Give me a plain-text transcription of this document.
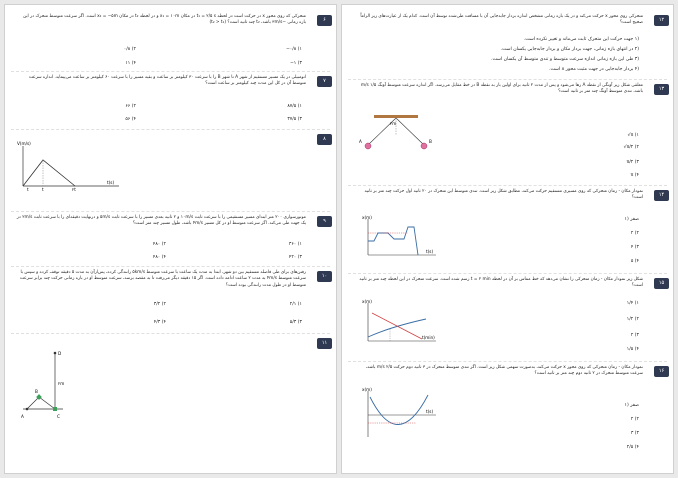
۶
متحرکی که روی محور x در حرکت است در لحظه t₁ = ۲/۵ s در مکان x₁ = ۱۰m و در لحظه t₂ در مکان x₂ = −۵m است. اگر سرعت متوسط متحرک در این بازه زمانی −۳m/s باشد، t₂ چند ثانیه است؟ (t₂ > t₁)
−۰/۸ (۱
۰/۸ (۲
−۱ (۳
۱۱ (۴
۷
اتومبیلی در یک مسیر مستقیم از شهر A تا شهر B را با سرعت ۳۰ کیلومتر بر ساعت و بقیه مسیر را با سرعت ۶۰ کیلومتر بر ساعت می‌پیماید. اندازه سرعت متوسط آن در کل این مدت چند کیلومتر بر ساعت است؟
۸۷/۵ (۱
۶۶ (۲
۳۷/۵ (۳
۵۶ (۴
۸
V(m/s)
t(s)
t	t	۲t
۹
موتورسواری ۲۰۰ متر ابتدای مسیر مستقیمی را با سرعت ثابت ۱۰m/s و ۲ ثانیه بعدی مسیر را با سرعت ثابت ۵m/s و درنهایت دقیقه‌ای را با سرعت ثابت ۲m/s در یک جهت طی می‌کند. اگر سرعت متوسط او در کل مسیر ۴m/s باشد، طول مسیر چند متر است؟
۳۶۰ (۱
۴۸۰ (۲
۴۲۰ (۳
۴۸۰ (۴
۱۰
رفتن‌های برای طی فاصله مستقیم بین دو شهر، ابتدا به مدت یک ساعت با سرعت متوسط ۵km/s رانندگی کرده، پس‌ازآن به مدت ۵ دقیقه توقف کرده و سپس با سرعت متوسط ۴m/s به مدت ۲ ساعت ادامه داده است. اگر ۱۵ دقیقه دیگر می‌رفت تا به مقصد برسد، سرعت متوسط او در بازه زمانی حرکت چند برابر سرعت متوسط او در طول مدت رانندگی بوده است؟
۲/۱ (۱
۳/۲ (۲
۵/۳ (۳
۴/۳ (۴
۱۱
D
B
A	C
۲m
۱۲
متحرکی روی محور x حرکت می‌کند و در یک بازه زمانی مشخص اندازه بردار جابه‌جایی آن با مسافت طی‌شده توسط آن است. کدام یک از عبارت‌های زیر الزاماً صحیح است؟
(۱ جهت حرکت این متحرک ثابت می‌ماند و تغییر نکرده است.
(۲ در انتهای بازه زمانی، جهت بردار مکان و بردار جابه‌جایی یکسان است.
(۳ طی این بازه زمانی اندازه سرعت متوسط و تندی متوسط آن یکسان است.
(۴ بردار جابه‌جایی در جهت مثبت محور x است.
۱۳
معلقی شکل زیر آونگی از نقطه A رها می‌شود و پس از مدت ۲ ثانیه برای اولین بار به نقطه B در خط مقابل می‌رسد. اگر اندازه سرعت متوسط آونگ ۱/۵ m/s باشد، تندی متوسط آونگ چند متر بر ثانیه است؟
A	B
۲m
√π (۱
√π/۲ (۲
π/۲ (۳
π (۴
۱۴
نمودار مکان - زمان متحرکی که روی مسیری مستقیم حرکت می‌کند، مطابق شکل زیر است. تندی متوسط این متحرک در ۲۰ ثانیه اول حرکت چند متر بر ثانیه است؟
x(m)
t(s)
صفر (۱
۲ (۲
۴ (۳
۵ (۴
۱۵
شکل زیر نمودار مکان - زمان متحرکی را نشان می‌دهد که خط مماس بر آن در لحظه t = ۲ min رسم شده است. سرعت متحرک در این لحظه چند متر بر ثانیه است؟
x(m)
t(min)
۱/۴ (۱
۱/۲ (۲
۲ (۳
۱/۵ (۴
۱۶
نمودار مکان - زمان متحرکی که روی محور x حرکت می‌کند، به‌صورت سهمی شکل زیر است. اگر تندی متوسط متحرک در ۳ ثانیه دوم حرکت ۲/۵ m/s باشد، سرعت متوسط متحرک در ۲ ثانیه دوم چند متر بر ثانیه است؟
x(m)
t(s)
صفر (۱
۲ (۲
۳ (۳
۲/۵ (۴
